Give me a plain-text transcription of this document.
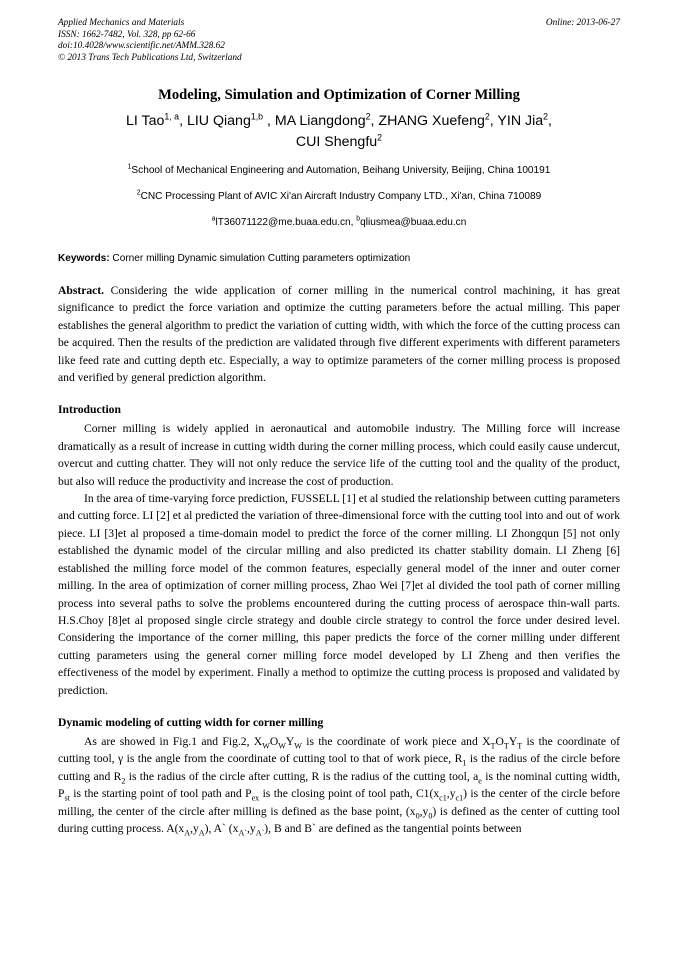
Applied Mechanics and Materials
ISSN: 1662-7482, Vol. 328, pp 62-66
doi:10.4028/www.scientific.net/AMM.328.62
© 2013 Trans Tech Publications Ltd, Switzerland
Online: 2013-06-27
Modeling, Simulation and Optimization of Corner Milling
LI Tao$^{1, a}$, LIU Qiang$^{1,b}$ , MA Liangdong$^2$, ZHANG Xuefeng$^2$, YIN Jia$^2$,
CUI Shengfu$^2$
$^1$School of Mechanical Engineering and Automation, Beihang University, Beijing, China 100191
$^2$CNC Processing Plant of AVIC Xi'an Aircraft Industry Company LTD., Xi'an, China 710089
$^a$lT36071122@me.buaa.edu.cn, $^b$qliusmea@buaa.edu.cn
Keywords: Corner milling Dynamic simulation Cutting parameters optimization
Abstract. Considering the wide application of corner milling in the numerical control machining, it has great significance to predict the force variation and optimize the cutting parameters before the actual milling. This paper establishes the general algorithm to predict the variation of cutting width, with which the force of the cutting process can be acquired. Then the results of the prediction are validated through five different experiments with different parameters like feed rate and cutting depth etc. Especially, a way to optimize parameters of the corner milling process is proposed and verified by general prediction algorithm.
Introduction
Corner milling is widely applied in aeronautical and automobile industry. The Milling force will increase dramatically as a result of increase in cutting width during the corner milling process, which could easily cause undercut, overcut and cutting chatter. They will not only reduce the service life of the cutting tool and the quality of the product, but also will reduce the productivity and increase the cost of production.
In the area of time-varying force prediction, FUSSELL [1] et al studied the relationship between cutting parameters and cutting force. LI [2] et al predicted the variation of three-dimensional force with the cutting tool into and out of work piece. LI [3]et al proposed a time-domain model to predict the force of the corner milling. LI Zhongqun [5] not only established the dynamic model of the circular milling and also predicted its chatter stability domain. LI Zheng [6] established the milling force model of the common features, especially general model of the inner and outer corner milling. In the area of optimization of corner milling process, Zhao Wei [7]et al divided the tool path of corner milling process into several paths to solve the problems encountered during the cutting process of aerospace thin-wall parts. H.S.Choy [8]et al proposed single circle strategy and double circle strategy to control the force under desired level. Considering the importance of the corner milling, this paper predicts the force of the corner milling under different cutting parameters using the general corner milling force model developed by LI Zheng and then verifies the effectiveness of the model by experiment. Finally a method to optimize the cutting process is proposed and validated by prediction.
Dynamic modeling of cutting width for corner milling
As are showed in Fig.1 and Fig.2, $X_WO_WY_W$ is the coordinate of work piece and $X_TO_TY_T$ is the coordinate of cutting tool, γ is the angle from the coordinate of cutting tool to that of work piece, $R_1$ is the radius of the circle before cutting and $R_2$ is the radius of the circle after cutting, R is the radius of the cutting tool, $a_e$ is the nominal cutting width, $P_{st}$ is the starting point of tool path and $P_{ex}$ is the closing point of tool path, $C1(x_{c1},y_{c1})$ is the center of the circle before milling, the center of the circle after milling is defined as the base point, $(x_0,y_0)$ is defined as the center of cutting tool during cutting process. $A(x_A,y_A)$, A` $(x_{A`},y_{A`})$, B and B` are defined as the tangential points between
